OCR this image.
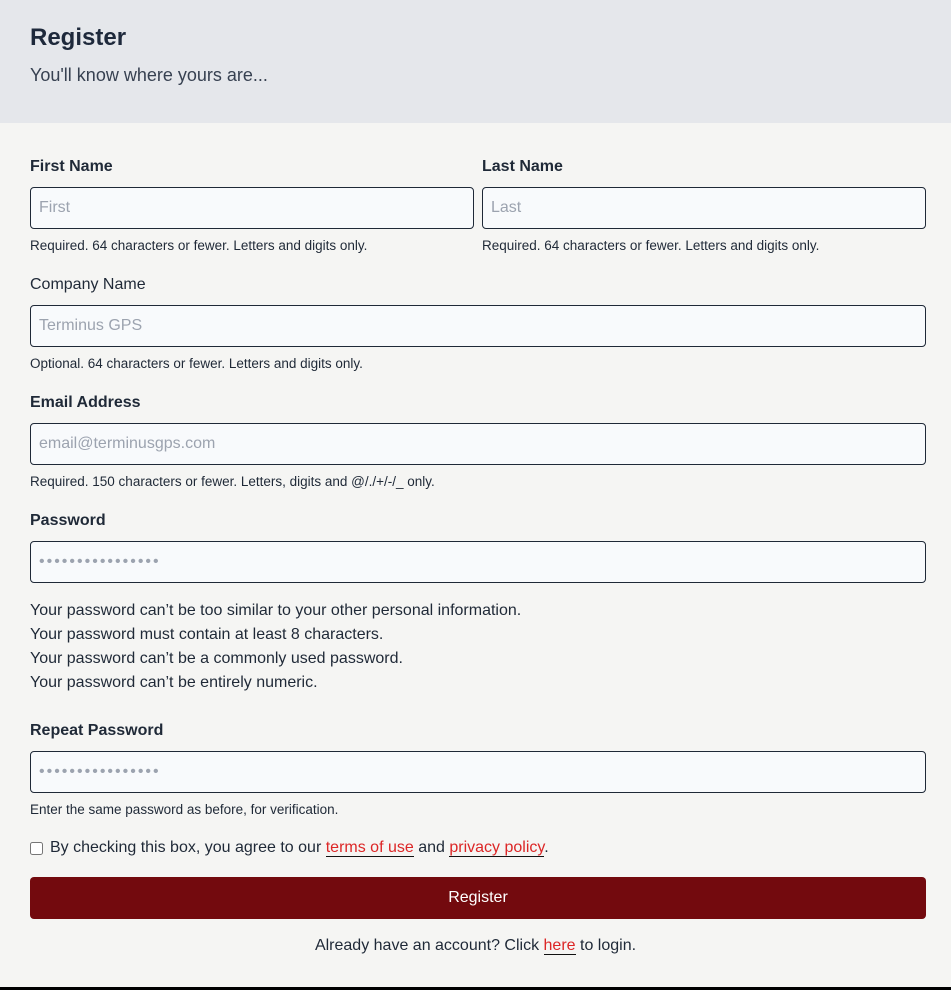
Register
You'll know where yours are...
First Name
First
Required. 64 characters or fewer. Letters and digits only.
Last Name
Last
Required. 64 characters or fewer. Letters and digits only.
Company Name
Terminus GPS
Optional. 64 characters or fewer. Letters and digits only.
Email Address
email@terminusgps.com
Required. 150 characters or fewer. Letters, digits and @/./+/-/_ only.
Password
••••••••••••••••
Your password can’t be too similar to your other personal information.
Your password must contain at least 8 characters.
Your password can’t be a commonly used password.
Your password can’t be entirely numeric.
Repeat Password
••••••••••••••••
Enter the same password as before, for verification.
By checking this box, you agree to our terms of use and privacy policy.
Register
Already have an account? Click here to login.
